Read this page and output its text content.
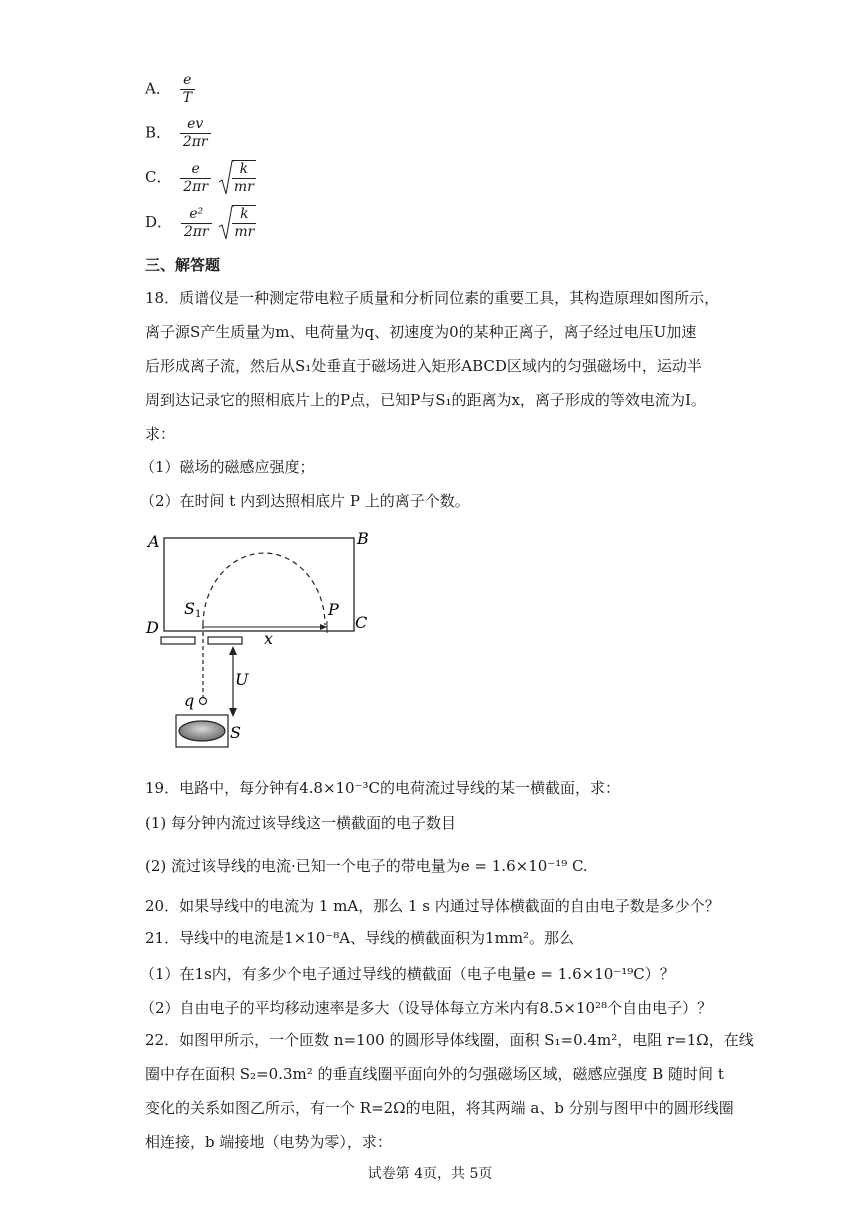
A． $\frac{e}{T}$
B． $\frac{ev}{2\pi r}$
C． $\frac{e}{2\pi r}$
$\frac{k}{mr}$
D． $\frac{\text{e²}}{2\pi r}$
$\frac{k}{mr}$
三、解答题
18．质谱仪是一种测定带电粒子质量和分析同位素的重要工具，其构造原理如图所示，
离子源S产生质量为m、电荷量为q、初速度为0的某种正离子，离子经过电压U加速
后形成离子流，然后从S₁处垂直于磁场进入矩形ABCD区域内的匀强磁场中，运动半
周到达记录它的照相底片上的P点，已知P与S₁的距离为x，离子形成的等效电流为I。
求：
（1）磁场的磁感应强度；
（2）在时间 t 内到达照相底片 P 上的离子个数。
A	B
C
D
S 1	P
x
U
q
S
19．电路中，每分钟有4.8×10⁻³C的电荷流过导线的某一横截面，求：
(1) 每分钟内流过该导线这一横截面的电子数目
(2) 流过该导线的电流·已知一个电子的带电量为e = 1.6×10⁻¹⁹ C.
20．如果导线中的电流为 1 mA，那么 1 s 内通过导体横截面的自由电子数是多少个？
21．导线中的电流是1×10⁻⁸A、导线的横截面积为1mm²。那么
（1）在1s内，有多少个电子通过导线的横截面（电子电量e = 1.6×10⁻¹⁹C）？
（2）自由电子的平均移动速率是多大（设导体每立方米内有8.5×10²⁸个自由电子）？
22．如图甲所示，一个匝数 n=100 的圆形导体线圈，面积 S₁=0.4m²，电阻 r=1Ω，在线
圈中存在面积 S₂=0.3m² 的垂直线圈平面向外的匀强磁场区域，磁感应强度 B 随时间 t
变化的关系如图乙所示，有一个 R=2Ω的电阻，将其两端 a、b 分别与图甲中的圆形线圈
相连接，b 端接地（电势为零），求：
试卷第 4页，共 5页
